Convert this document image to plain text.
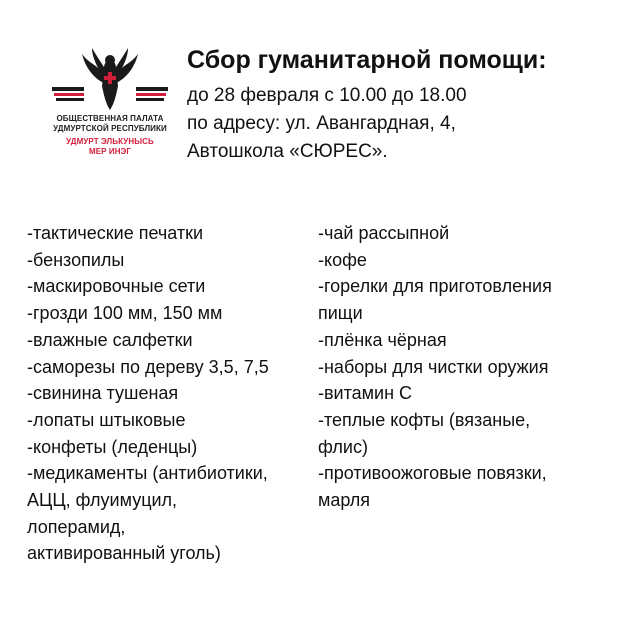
ОБЩЕСТВЕННАЯ ПАЛАТА
УДМУРТСКОЙ РЕСПУБЛИКИ
УДМУРТ ЭЛЬКУНЫСЬ
МЕР ИНЭГ

Сбор гуманитарной помощи:

до 28 февраля с 10.00 до 18.00

по адресу: ул. Авангардная, 4,

Автошкола «СЮРЕС».

-тактические печатки
-бензопилы
-маскировочные сети
-грозди 100 мм, 150 мм
-влажные салфетки
-саморезы по дереву 3,5, 7,5
-свинина тушеная
-лопаты штыковые
-конфеты (леденцы)
-медикаменты (антибиотики,
АЦЦ, флуимуцил,
лоперамид,
активированный уголь)
-чай рассыпной
-кофе
-горелки для приготовления
пищи
-плёнка чёрная
-наборы для чистки оружия
-витамин С
-теплые кофты (вязаные,
флис)
-противоожоговые повязки,
марля
